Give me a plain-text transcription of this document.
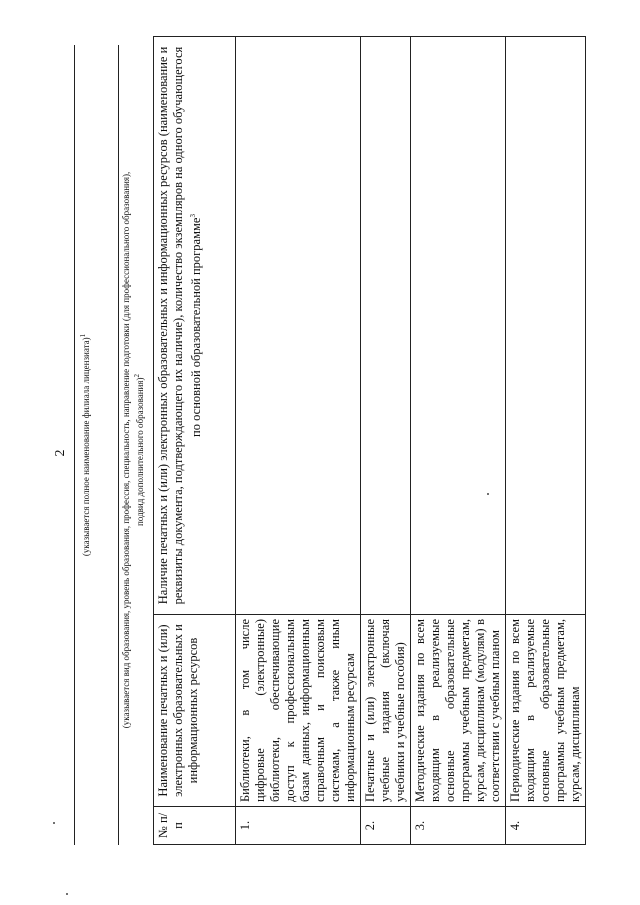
2	(указывается полное наименование филиала лицензиата)$^1$	(указывается вид образования, уровень образования, профессия, специальность, направление подготовки (для профессионального образования), подвид дополнительного образования)$^2$
№ п/п	Наименование печатных и (или) электронных образовательных и информационных ресурсов	Наличие печатных и (или) электронных образовательных и информационных ресурсов (наименование и реквизиты документа, подтверждающего их наличие), количество экземпляров на одного обучающегося по основной образовательной программе$^3$
1.	Библиотеки, в том числе цифровые (электронные) библиотеки, обеспечивающие доступ к профессиональным базам данных, информационным справочным и поисковым системам, а также иным информационным ресурсам	
2.	Печатные и (или) электронные учебные издания (включая учебники и учебные пособия)	
3.	Методические издания по всем входящим в реализуемые основные образовательные программы учебным предметам, курсам, дисциплинам (модулям) в соответствии с учебным планом	
4.	Периодические издания по всем входящим в реализуемые основные образовательные программы учебным предметам, курсам, дисциплинам	
